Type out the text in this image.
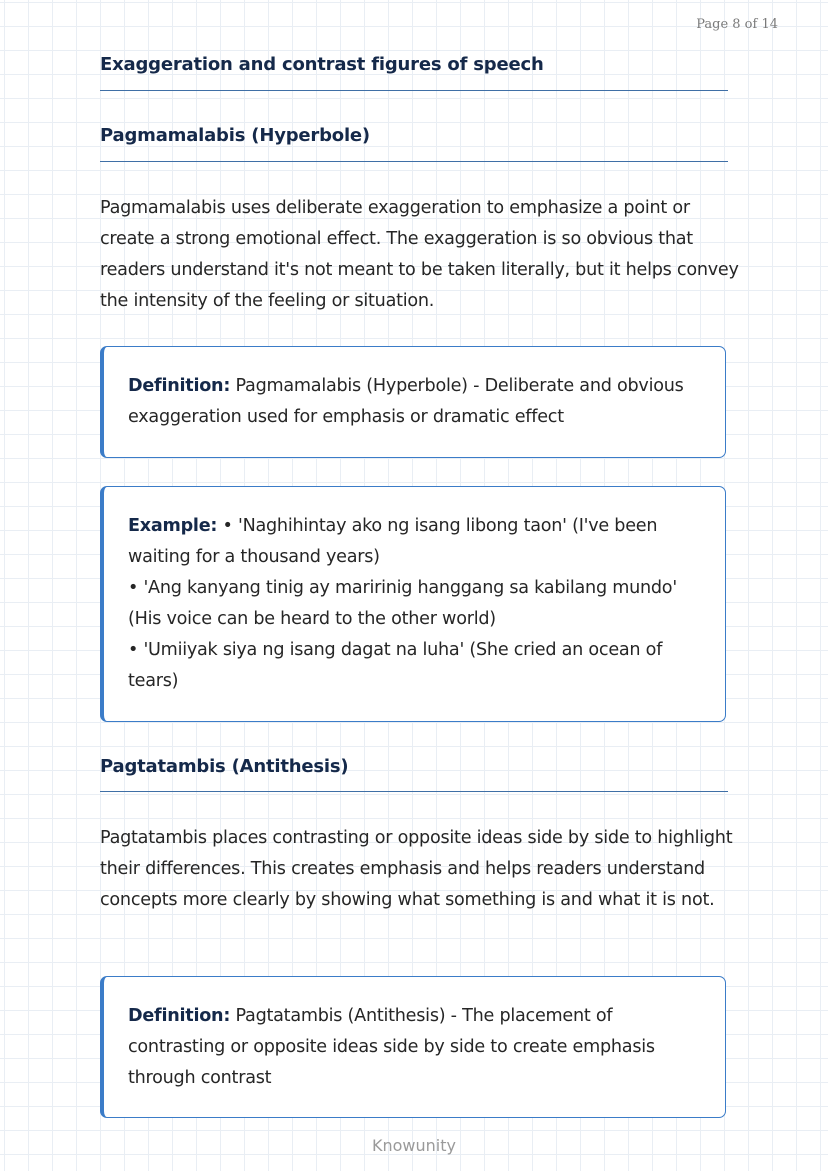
Page 8 of 14
Exaggeration and contrast figures of speech
Pagmamalabis (Hyperbole)

Pagmamalabis uses deliberate exaggeration to emphasize a point or create a strong emotional effect. The exaggeration is so obvious that readers understand it's not meant to be taken literally, but it helps convey the intensity of the feeling or situation.

Definition: Pagmamalabis (Hyperbole) - Deliberate and obvious exaggeration used for emphasis or dramatic effect

Example: • 'Naghihintay ako ng isang libong taon' (I've been waiting for a thousand years)

• 'Ang kanyang tinig ay maririnig hanggang sa kabilang mundo' (His voice can be heard to the other world)

• 'Umiiyak siya ng isang dagat na luha' (She cried an ocean of tears)

Pagtatambis (Antithesis)

Pagtatambis places contrasting or opposite ideas side by side to highlight their differences. This creates emphasis and helps readers understand concepts more clearly by showing what something is and what it is not.

Definition: Pagtatambis (Antithesis) - The placement of contrasting or opposite ideas side by side to create emphasis through contrast

Knowunity
